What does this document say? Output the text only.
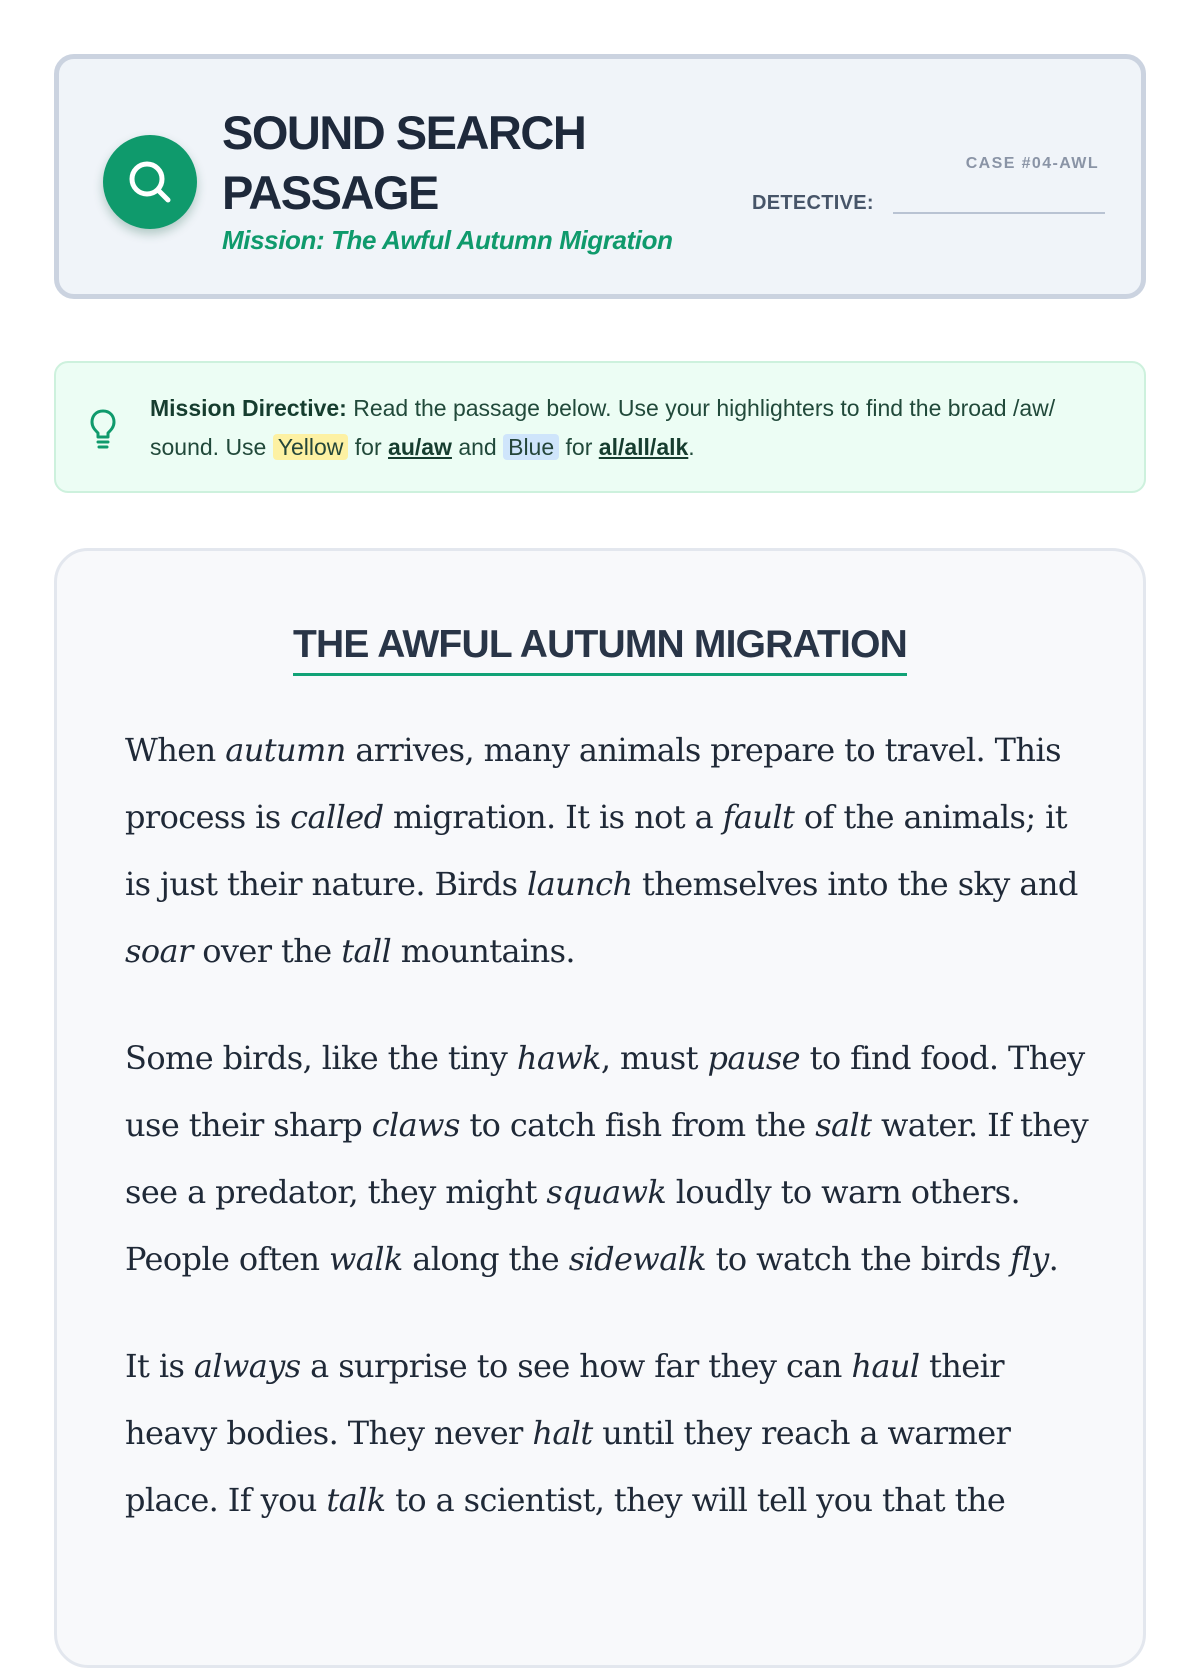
SOUND SEARCH PASSAGE
Mission: The Awful Autumn Migration
CASE #04-AWL
DETECTIVE:
Mission Directive: Read the passage below. Use your highlighters to find the broad /aw/ sound. Use Yellow for au/aw and Blue for al/all/alk.
THE AWFUL AUTUMN MIGRATION

When autumn arrives, many animals prepare to travel. This process is called migration. It is not a fault of the animals; it is just their nature. Birds launch themselves into the sky and soar over the tall mountains.

Some birds, like the tiny hawk, must pause to find food. They use their sharp claws to catch fish from the salt water. If they see a predator, they might squawk loudly to warn others. People often walk along the sidewalk to watch the birds fly.

It is always a surprise to see how far they can haul their heavy bodies. They never halt until they reach a warmer place. If you talk to a scientist, they will tell you that the
